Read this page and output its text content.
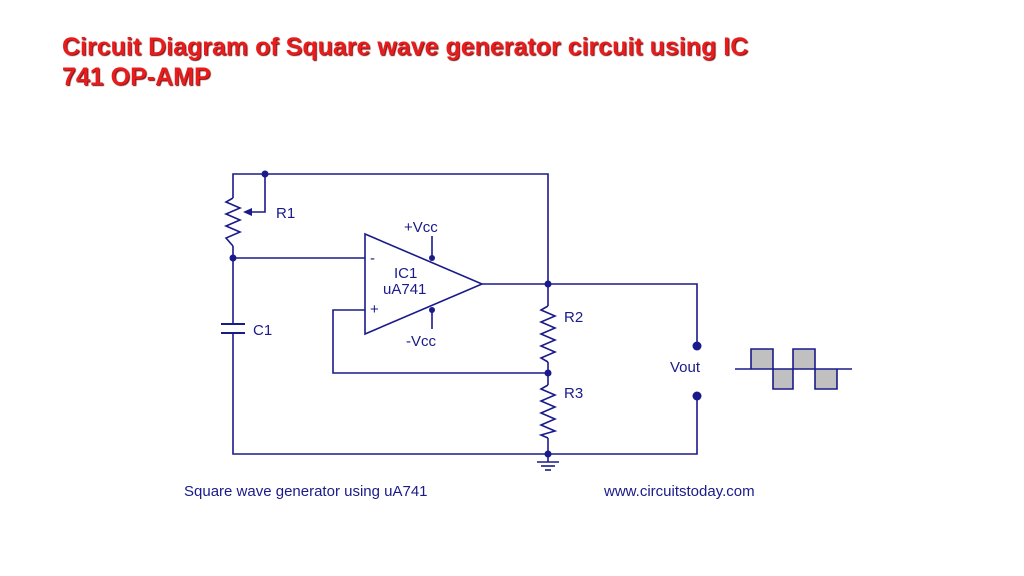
Circuit Diagram of Square wave generator circuit using IC
741 OP-AMP
R1
+Vcc
-
IC1
uA741
+
-Vcc
C1
R2
R3
Vout
Square wave generator using uA741	www.circuitstoday.com
